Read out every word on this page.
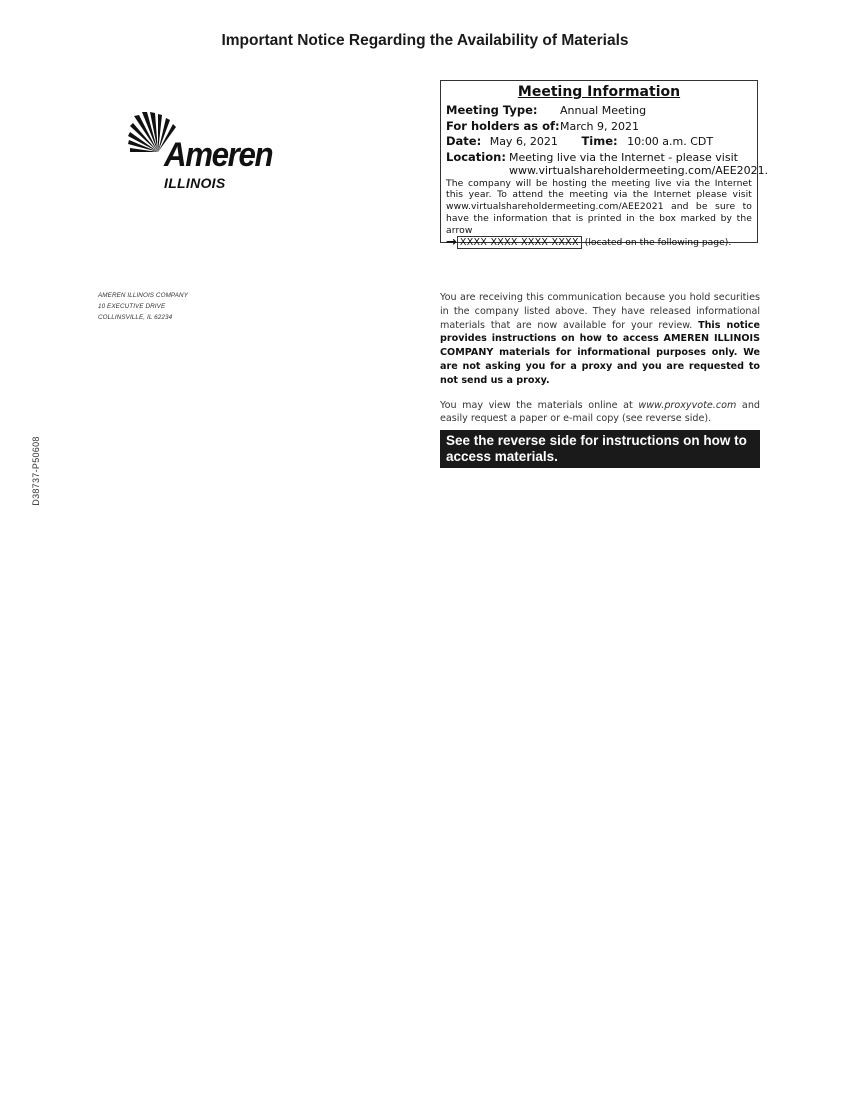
Important Notice Regarding the Availability of Materials
Ameren
ILLINOIS
Meeting Information
Meeting Type: Annual Meeting
For holders as of: March 9, 2021
Date: May 6, 2021 Time: 10:00 a.m. CDT
Location: Meeting live via the Internet - please visit
www.virtualshareholdermeeting.com/AEE2021.

The company will be hosting the meeting live via the Internet this year. To attend the meeting via the Internet please visit www.virtualshareholdermeeting.com/AEE2021 and be sure to have the information that is printed in the box marked by the arrow

→ XXXX XXXX XXXX XXXX (located on the following page).
AMEREN ILLINOIS COMPANY
10 EXECUTIVE DRIVE
COLLINSVILLE, IL 62234

You are receiving this communication because you hold securities in the company listed above. They have released informational materials that are now available for your review. This notice provides instructions on how to access AMEREN ILLINOIS COMPANY materials for informational purposes only. We are not asking you for a proxy and you are requested to not send us a proxy.

You may view the materials online at www.proxyvote.com and easily request a paper or e-mail copy (see reverse side).

See the reverse side for instructions on how to access materials.
D38737-P50608
